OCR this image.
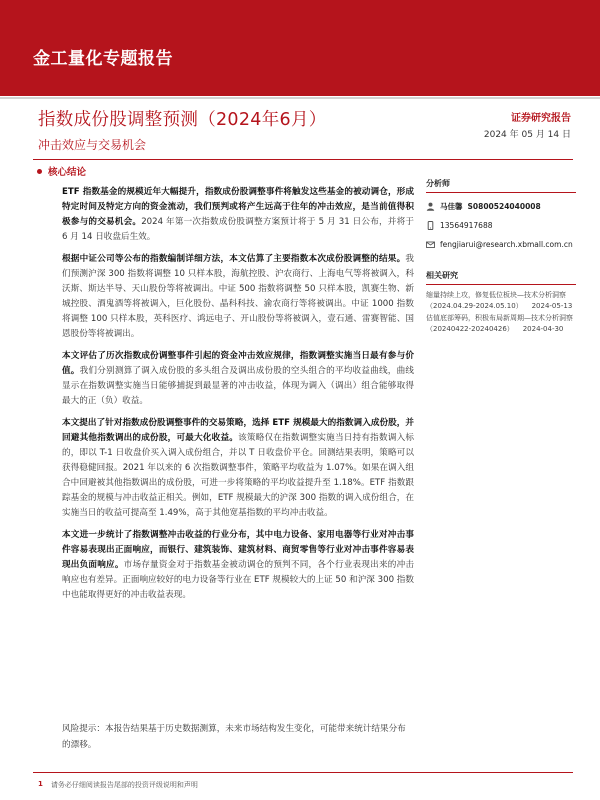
金工量化专题报告
指数成份股调整预测（2024年6月）
冲击效应与交易机会
证券研究报告
2024 年 05 月 14 日
核心结论

ETF 指数基金的规模近年大幅提升，指数成份股调整事件将触发这些基金的被动调仓，形成特定时间及特定方向的资金流动，我们预判或将产生远高于往年的冲击效应，是当前值得积极参与的交易机会。2024 年第一次指数成份股调整方案预计将于 5 月 31 日公布，并将于 6 月 14 日收盘后生效。

根据中证公司等公布的指数编制详细方法，本文估算了主要指数本次成份股调整的结果。我们预测沪深 300 指数将调整 10 只样本股，海航控股、沪农商行、上海电气等将被调入，科沃斯、斯达半导、天山股份等将被调出。中证 500 指数将调整 50 只样本股，凯赛生物、新城控股、酒鬼酒等将被调入，巨化股份、晶科科技、渝农商行等将被调出。中证 1000 指数将调整 100 只样本股，英科医疗、鸿远电子、开山股份等将被调入，壹石通、雷赛智能、国恩股份等将被调出。

本文评估了历次指数成份调整事件引起的资金冲击效应规律，指数调整实施当日最有参与价值。我们分别测算了调入成份股的多头组合及调出成份股的空头组合的平均收益曲线，曲线显示在指数调整实施当日能够捕捉到最显著的冲击收益，体现为调入（调出）组合能够取得最大的正（负）收益。

本文提出了针对指数成份股调整事件的交易策略，选择 ETF 规模最大的指数调入成份股，并回避其他指数调出的成份股，可最大化收益。该策略仅在指数调整实施当日持有指数调入标的，即以 T-1 日收盘价买入调入成份组合，并以 T 日收盘价平仓。回测结果表明，策略可以获得稳健回报。2021 年以来的 6 次指数调整事件，策略平均收益为 1.07%。如果在调入组合中回避被其他指数调出的成份股，可进一步将策略的平均收益提升至 1.18%。ETF 指数跟踪基金的规模与冲击收益正相关。例如，ETF 规模最大的沪深 300 指数的调入成份组合，在实施当日的收益可提高至 1.49%，高于其他宽基指数的平均冲击收益。

本文进一步统计了指数调整冲击收益的行业分布，其中电力设备、家用电器等行业对冲击事件容易表现出正面响应，而银行、建筑装饰、建筑材料、商贸零售等行业对冲击事件容易表现出负面响应。市场存量资金对于指数基金被动调仓的预判不同，各个行业表现出来的冲击响应也有差异。正面响应较好的电力设备等行业在 ETF 规模较大的上证 50 和沪深 300 指数中也能取得更好的冲击收益表现。

分析师
马佳馨 S0800524040008
13564917688
fengjiarui@research.xbmall.com.cn
相关研究
缩量持续上攻，修复低位板块—技术分析洞察
（2024.04.29-2024.05.10） 2024-05-13
估值底部筹码，积极布局新周期—技术分析洞察
（20240422-20240426） 2024-04-30
风险提示：本报告结果基于历史数据测算，未来市场结构发生变化，可能带来统计结果分布的漂移。
1 请务必仔细阅读报告尾部的投资评级说明和声明
